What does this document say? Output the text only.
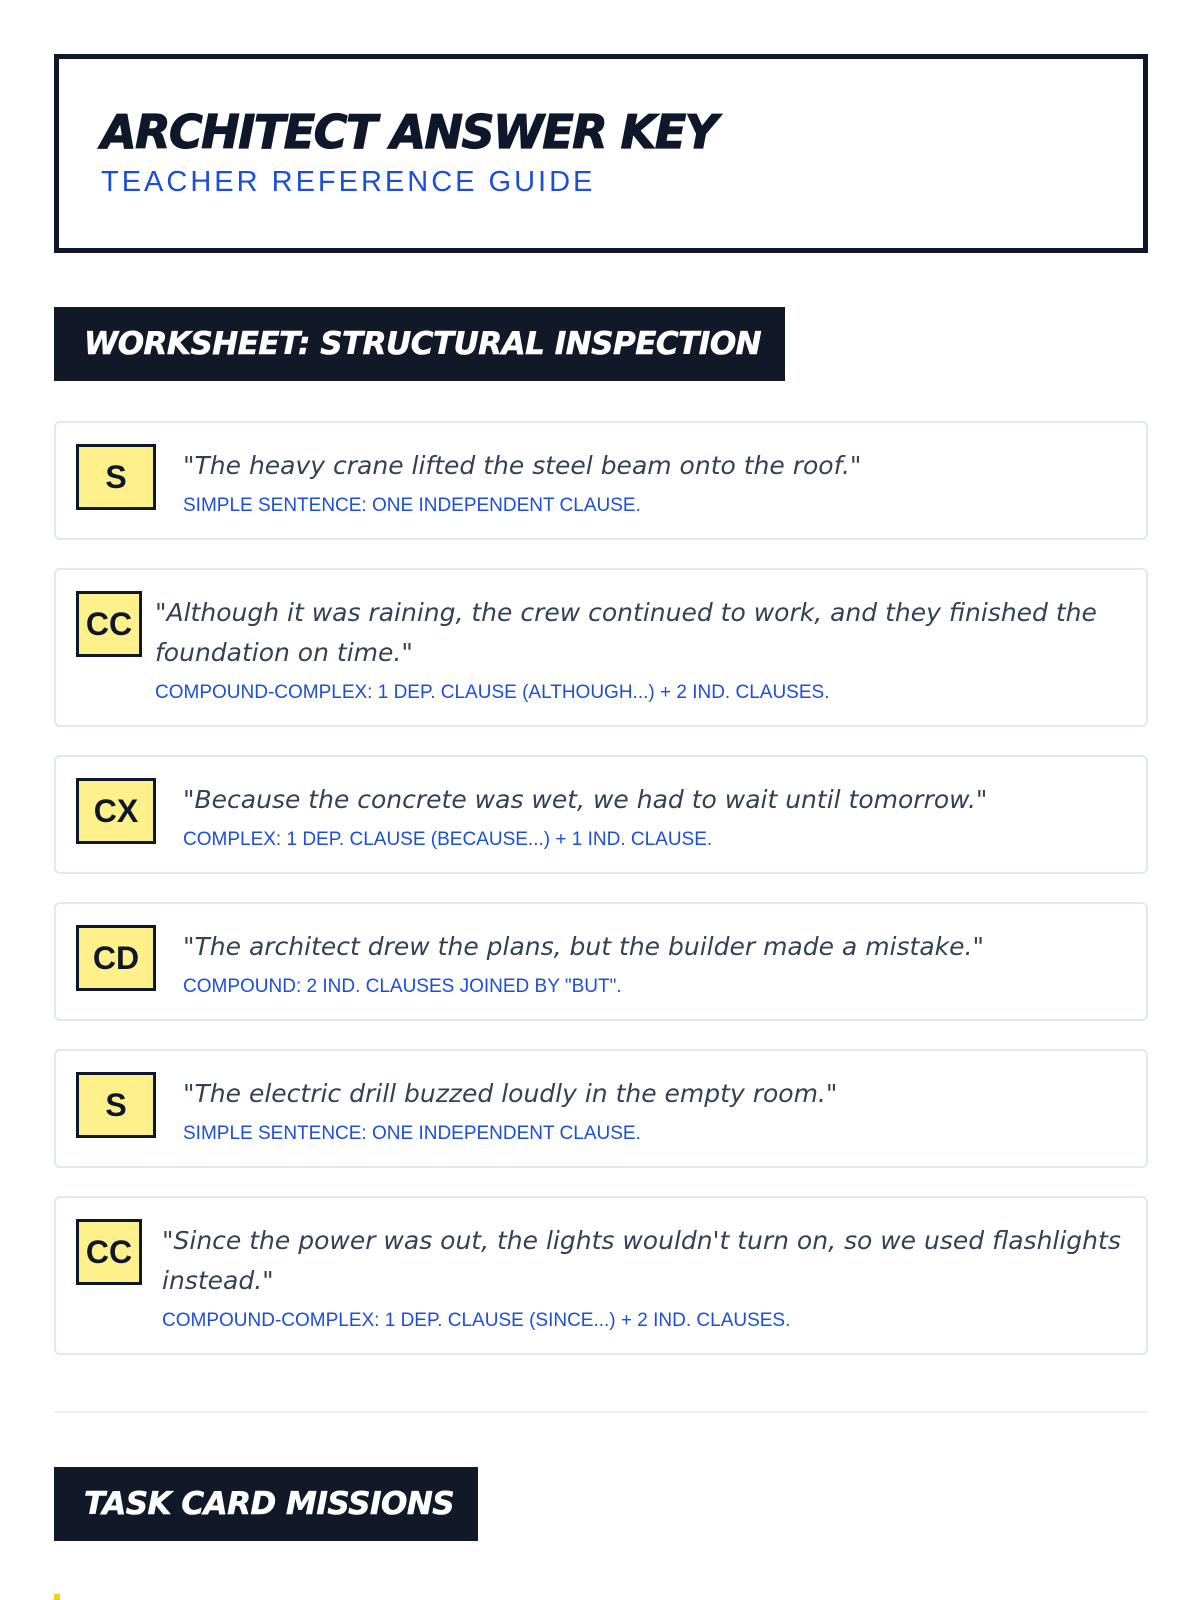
ARCHITECT ANSWER KEY
TEACHER REFERENCE GUIDE
WORKSHEET: STRUCTURAL INSPECTION
S	"The heavy crane lifted the steel beam onto the roof."

SIMPLE SENTENCE: ONE INDEPENDENT CLAUSE.
CC "Although it was raining, the crew continued to work, and they finished the foundation on time."

COMPOUND-COMPLEX: 1 DEP. CLAUSE (ALTHOUGH...) + 2 IND. CLAUSES.
CX	"Because the concrete was wet, we had to wait until tomorrow."

COMPLEX: 1 DEP. CLAUSE (BECAUSE...) + 1 IND. CLAUSE.
CD	"The architect drew the plans, but the builder made a mistake."

COMPOUND: 2 IND. CLAUSES JOINED BY "BUT".
S	"The electric drill buzzed loudly in the empty room."

SIMPLE SENTENCE: ONE INDEPENDENT CLAUSE.
CC	"Since the power was out, the lights wouldn't turn on, so we used flashlights instead."

COMPOUND-COMPLEX: 1 DEP. CLAUSE (SINCE...) + 2 IND. CLAUSES.
TASK CARD MISSIONS
